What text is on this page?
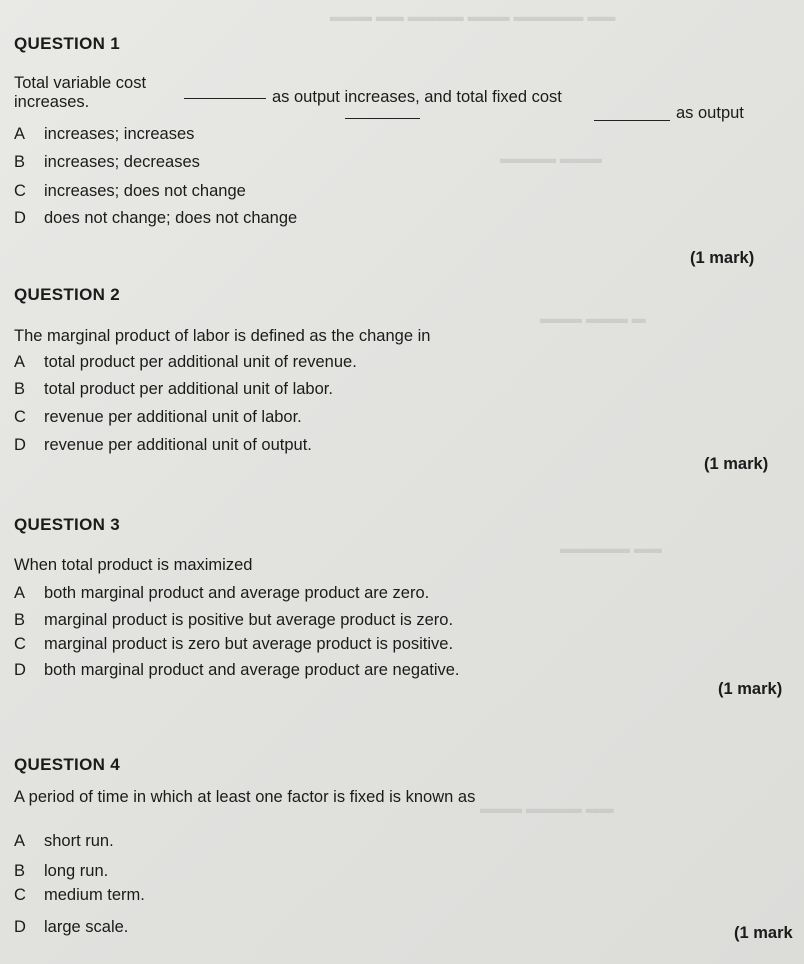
▬▬▬ ▬▬ ▬▬▬▬ ▬▬▬ ▬▬▬▬▬ ▬▬
▬▬▬▬ ▬▬▬
▬▬▬ ▬▬▬ ▬
▬▬▬▬▬ ▬▬
▬▬▬ ▬▬▬▬ ▬▬
QUESTION 1
Total variable cost
increases.	as output increases, and total fixed cost
as output
A increases; increases
B increases; decreases
C increases; does not change
D does not change; does not change
(1 mark)
QUESTION 2
The marginal product of labor is defined as the change in
A total product per additional unit of revenue.
B total product per additional unit of labor.
C revenue per additional unit of labor.
D revenue per additional unit of output.
(1 mark)
QUESTION 3
When total product is maximized
A both marginal product and average product are zero.
B marginal product is positive but average product is zero.
C marginal product is zero but average product is positive.
D both marginal product and average product are negative.
(1 mark)
QUESTION 4
A period of time in which at least one factor is fixed is known as
A short run.
B long run.
C medium term.
D large scale.	(1 mark
